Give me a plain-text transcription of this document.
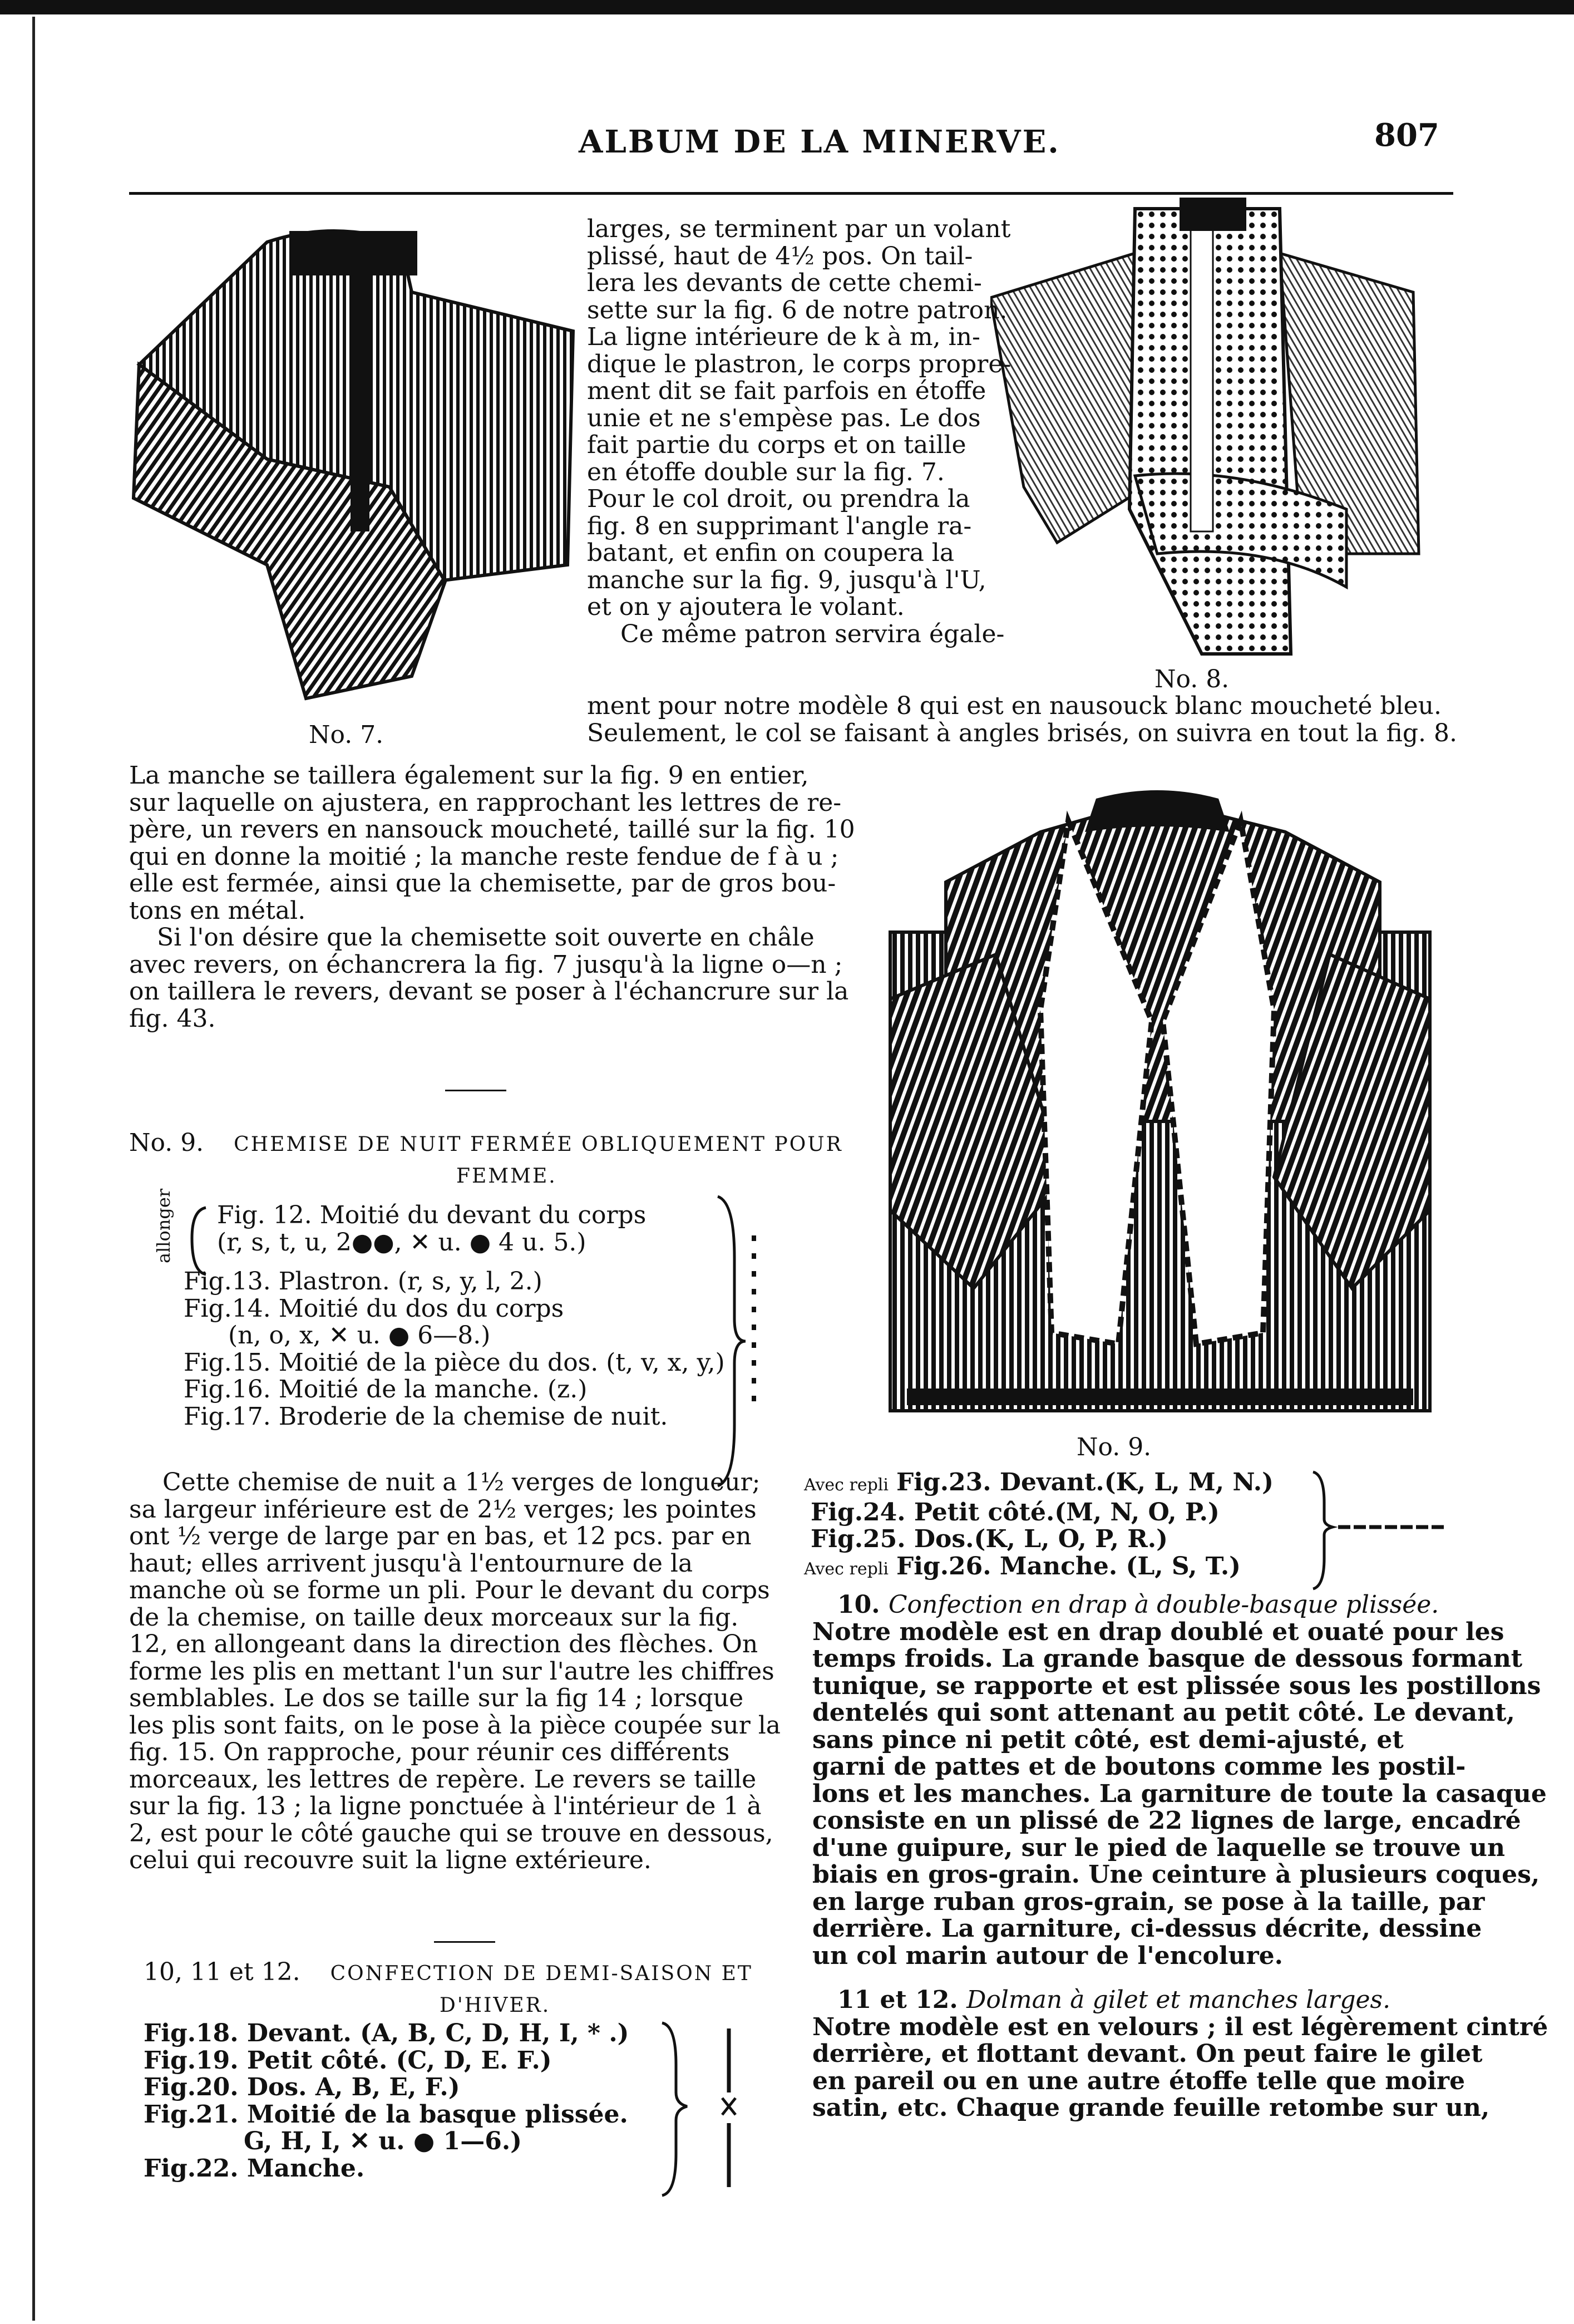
ALBUM DE LA MINERVE.	807
No. 7.
No. 8.
larges, se terminent par un volant
plissé, haut de 4½ pos. On tail-
lera les devants de cette chemi-
sette sur la fig. 6 de notre patron.
La ligne intérieure de k à m, in-
dique le plastron, le corps propre-
ment dit se fait parfois en étoffe
unie et ne s'empèse pas. Le dos
fait partie du corps et on taille
en étoffe double sur la fig. 7.
Pour le col droit, ou prendra la
fig. 8 en supprimant l'angle ra-
batant, et enfin on coupera la
manche sur la fig. 9, jusqu'à l'U,
et on y ajoutera le volant.
Ce même patron servira égale-
ment pour notre modèle 8 qui est en nausouck blanc moucheté bleu.
Seulement, le col se faisant à angles brisés, on suivra en tout la fig. 8.
La manche se taillera également sur la fig. 9 en entier,
sur laquelle on ajustera, en rapprochant les lettres de re-
père, un revers en nansouck moucheté, taillé sur la fig. 10
qui en donne la moitié ; la manche reste fendue de f à u ;
elle est fermée, ainsi que la chemisette, par de gros bou-
tons en métal.
Si l'on désire que la chemisette soit ouverte en châle
avec revers, on échancrera la fig. 7 jusqu'à la ligne o—n ;
on taillera le revers, devant se poser à l'échancrure sur la
fig. 43.
No. 9. CHEMISE DE NUIT FERMÉE OBLIQUEMENT POUR
FEMME.
allonger Fig. 12. Moitié du devant du corps
(r, s, t, u, 2●●, ✕ u. ● 4 u. 5.)
Fig.13. Plastron. (r, s, y, l, 2.)
Fig.14. Moitié du dos du corps
(n, o, x, ✕ u. ● 6—8.)
Fig.15. Moitié de la pièce du dos. (t, v, x, y,)
Fig.16. Moitié de la manche. (z.)
Fig.17. Broderie de la chemise de nuit.
Cette chemise de nuit a 1½ verges de longueur;
sa largeur inférieure est de 2½ verges; les pointes
ont ½ verge de large par en bas, et 12 pcs. par en
haut; elles arrivent jusqu'à l'entournure de la
manche où se forme un pli. Pour le devant du corps
de la chemise, on taille deux morceaux sur la fig.
12, en allongeant dans la direction des flèches. On
forme les plis en mettant l'un sur l'autre les chiffres
semblables. Le dos se taille sur la fig 14 ; lorsque
les plis sont faits, on le pose à la pièce coupée sur la
fig. 15. On rapproche, pour réunir ces différents
morceaux, les lettres de repère. Le revers se taille
sur la fig. 13 ; la ligne ponctuée à l'intérieur de 1 à
2, est pour le côté gauche qui se trouve en dessous,
celui qui recouvre suit la ligne extérieure.
10, 11 et 12. CONFECTION DE DEMI-SAISON ET
D'HIVER.
Fig.18. Devant. (A, B, C, D, H, I, * .)
Fig.19. Petit côté. (C, D, E. F.)
Fig.20. Dos. A, B, E, F.)
Fig.21. Moitié de la basque plissée.
G, H, I, ✕ u. ● 1—6.)
Fig.22. Manche.
No. 9.
Avec repli Fig.23. Devant.(K, L, M, N.)
Fig.24. Petit côté.(M, N, O, P.)
Fig.25. Dos.(K, L, O, P, R.)
Avec repli Fig.26. Manche. (L, S, T.)
10. Confection en drap à double-basque plissée.
Notre modèle est en drap doublé et ouaté pour les
temps froids. La grande basque de dessous formant
tunique, se rapporte et est plissée sous les postillons
dentelés qui sont attenant au petit côté. Le devant,
sans pince ni petit côté, est demi-ajusté, et
garni de pattes et de boutons comme les postil-
lons et les manches. La garniture de toute la casaque
consiste en un plissé de 22 lignes de large, encadré
d'une guipure, sur le pied de laquelle se trouve un
biais en gros-grain. Une ceinture à plusieurs coques,
en large ruban gros-grain, se pose à la taille, par
derrière. La garniture, ci-dessus décrite, dessine
un col marin autour de l'encolure.
11 et 12. Dolman à gilet et manches larges.
Notre modèle est en velours ; il est légèrement cintré
derrière, et flottant devant. On peut faire le gilet
en pareil ou en une autre étoffe telle que moire
satin, etc. Chaque grande feuille retombe sur un,
